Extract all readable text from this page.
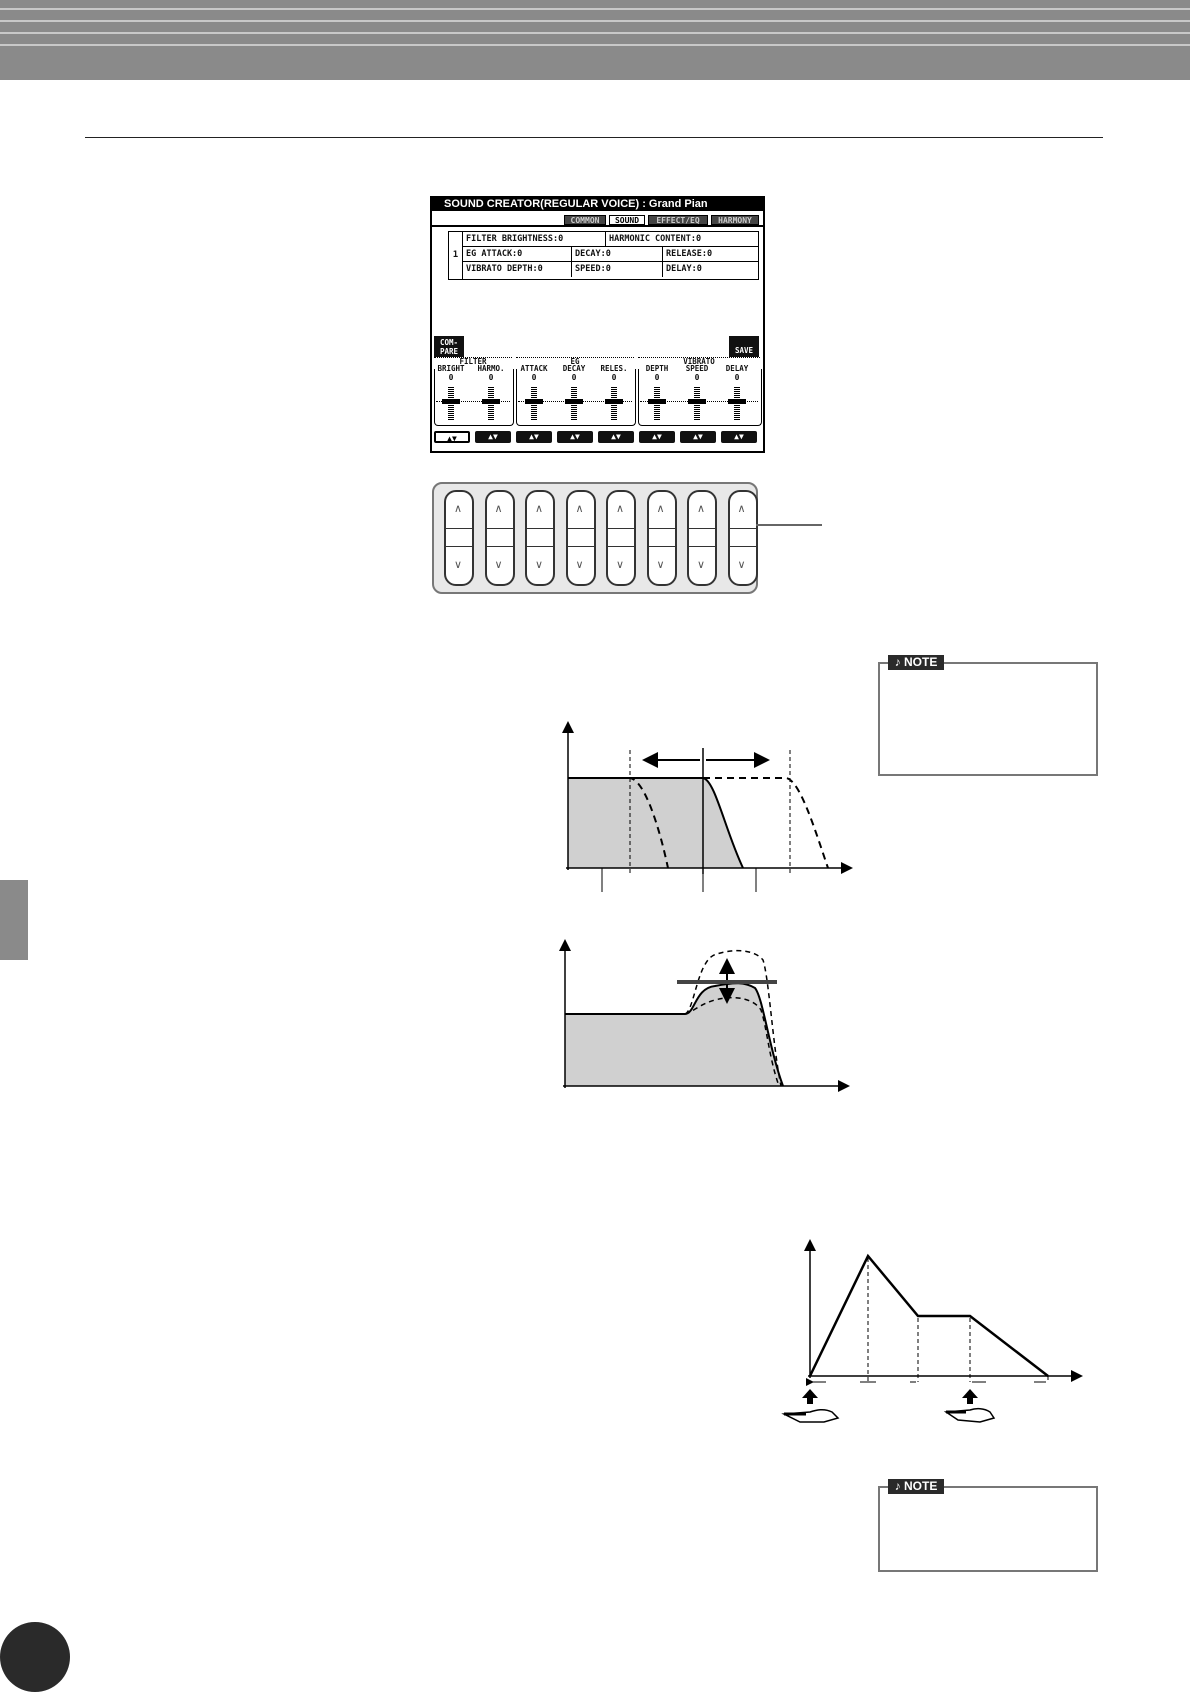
SOUND CREATOR(REGULAR VOICE) : Grand Pian
COMMON	SOUND	EFFECT/EQ	HARMONY
1
FILTER BRIGHTNESS:0	HARMONIC CONTENT:0
EG ATTACK:0	DECAY:0	RELEASE:0
VIBRATO DEPTH:0	SPEED:0	DELAY:0
COM-
PARE	SAVE
FILTER	EG	VIBRATO
BRIGHT	HARMO.	ATTACK	DECAY	RELES.	DEPTH	SPEED	DELAY
0	0	0	0	0	0	0	0
▲▼	▲▼	▲▼	▲▼	▲▼	▲▼	▲▼	▲▼
∧
∨
∧
∨
∧
∨
∧
∨
∧
∨
∧
∨
∧
∨
∧
∨
♪ NOTE
♪ NOTE
